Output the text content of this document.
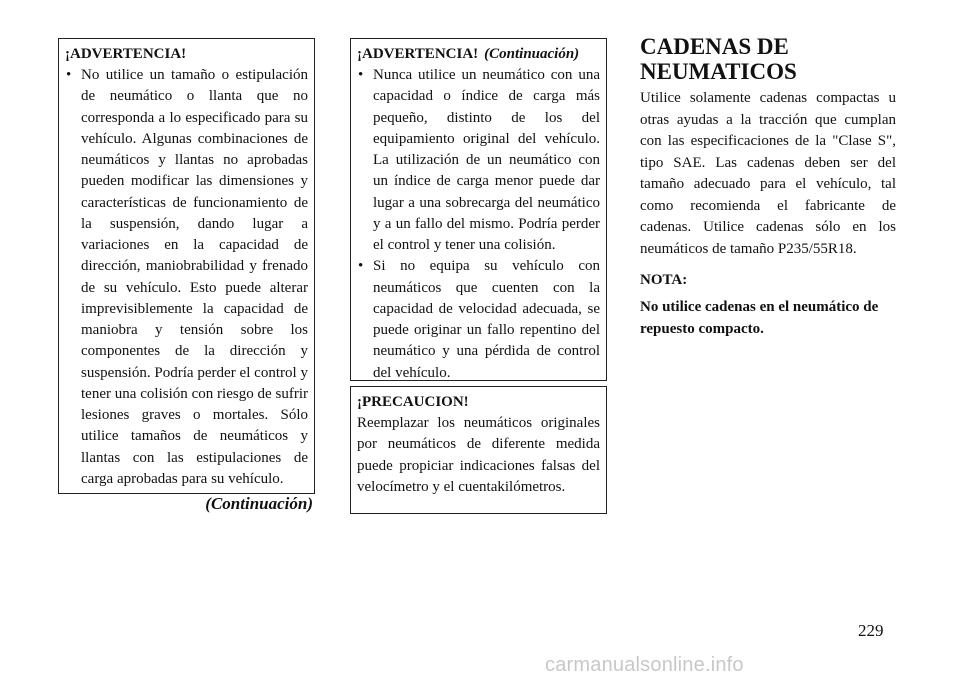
¡ADVERTENCIA!
• No utilice un tamaño o estipulación de neumático o llanta que no corresponda a lo especificado para su vehículo. Algunas combinaciones de neumáticos y llantas no aprobadas pueden modificar las dimensiones y características de funcionamiento de la suspensión, dando lugar a variaciones en la capacidad de dirección, maniobrabilidad y frenado de su vehículo. Esto puede alterar imprevisiblemente la capacidad de maniobra y tensión sobre los componentes de la dirección y suspensión. Podría perder el control y tener una colisión con riesgo de sufrir lesiones graves o mortales. Sólo utilice tamaños de neumáticos y llantas con las estipulaciones de carga aprobadas para su vehículo.
(Continuación)
¡ADVERTENCIA! (Continuación)
• Nunca utilice un neumático con una capacidad o índice de carga más pequeño, distinto de los del equipamiento original del vehículo. La utilización de un neumático con un índice de carga menor puede dar lugar a una sobrecarga del neumático y a un fallo del mismo. Podría perder el control y tener una colisión.
• Si no equipa su vehículo con neumáticos que cuenten con la capacidad de velocidad adecuada, se puede originar un fallo repentino del neumático y una pérdida de control del vehículo.
¡PRECAUCION!
Reemplazar los neumáticos originales por neumáticos de diferente medida puede propiciar indicaciones falsas del velocímetro y el cuentakilómetros.
CADENAS DE NEUMATICOS
Utilice solamente cadenas compactas u otras ayudas a la tracción que cumplan con las especificaciones de la "Clase S", tipo SAE. Las cadenas deben ser del tamaño adecuado para el vehículo, tal como recomienda el fabricante de cadenas. Utilice cadenas sólo en los neumáticos de tamaño P235/55R18.
NOTA:
No utilice cadenas en el neumático de repuesto compacto.
229
carmanualsonline.info
